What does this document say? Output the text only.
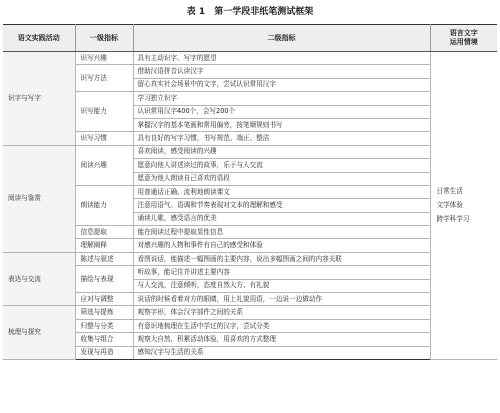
表 1　第一学段非纸笔测试框架
语文实践活动	一级指标	二级指标	语言文字
运用情境

识字与写字	识写兴趣	具有主动识字、写字的愿望	日常生活
文学体验
跨学科学习

	识写方法	借助汉语拼音认读汉字	
		留心真实社会场景中的文字，尝试认识常用汉字	
	识写能力	学习独立识字	
		认识常用汉字400个，会写200个	
		掌握汉字的基本笔画和常用偏旁，按笔顺规则书写	
	识写习惯	具有良好的写字习惯，书写规范、端正、整洁	
阅读与鉴赏	阅读兴趣	喜欢阅读，感受阅读的兴趣	
		愿意向他人讲述读过的故事，乐于与人交流	
		愿意为他人朗读自己喜欢的语段	
	朗读能力	用普通话正确、流利地朗读课文	
		注意用语气、语调和节奏表现对文本的理解和感受	
		诵读儿歌，感受语言的优美	
	信息提取	能在阅读过程中提取显性信息	
	理解阐释	对感兴趣的人物和事件有自己的感受和体验	
表达与交流	陈述与叙述	看图说话，能描述一幅图画的主要内容，说出多幅图画之间的内容关联	
	描绘与表现	听故事，能记住并讲述主要内容	
		与人交流，注意倾听，态度自然大方、有礼貌	
	应对与调整	说话的时候看着对方的眼睛，用上礼貌用语，一边说一边做动作	
梳理与探究	筛选与提炼	观察字形，体会汉字部件之间的关系	
	归整与分类	有意识地梳理在生活中学过的汉字，尝试分类	
	收集与组合	观察大自然，积累活动体验，用喜欢的方式整理	
	发现与再造	感知汉字与生活的关系	
